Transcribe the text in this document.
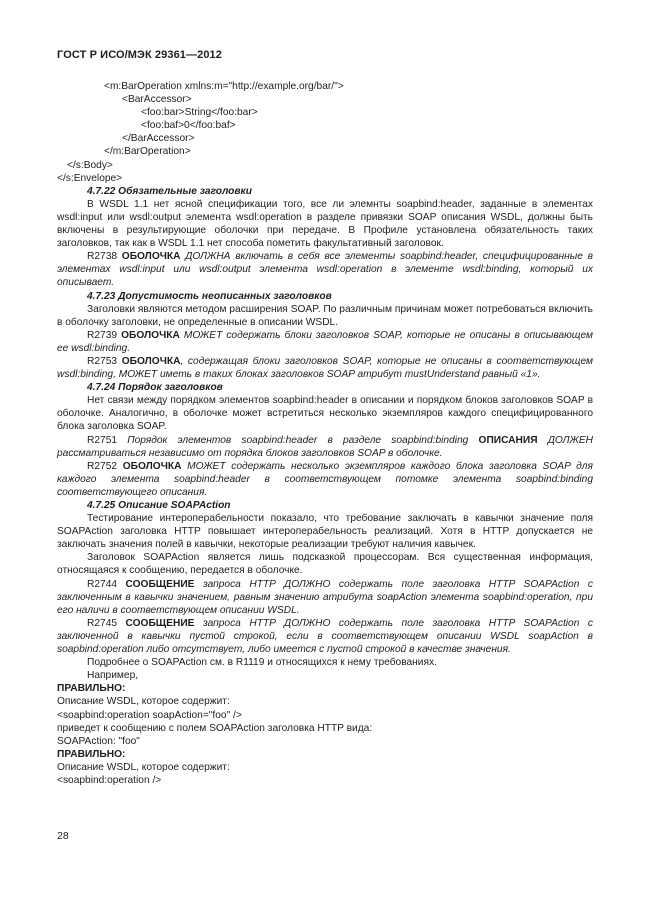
ГОСТ Р ИСО/МЭК 29361—2012

<m:BarOperation xmlns:m="http://example.org/bar/">

<BarAccessor>

<foo:bar>String</foo:bar>

<foo:baf>0</foo:baf>

</BarAccessor>

</m:BarOperation>

</s:Body>

</s:Envelope>

4.7.22 Обязательные заголовки

В WSDL 1.1 нет ясной спецификации того, все ли элемнты soapbind:header, заданные в элементах wsdl:input или wsdl:output элемента wsdl:operation в разделе привязки SOAP описания WSDL, должны быть включены в результирующие оболочки при передаче. В Профиле установлена обязательность таких заголовков, так как в WSDL 1.1 нет способа пометить факультативный заголовок.

R2738 ОБОЛОЧКА ДОЛЖНА включать в себя все элементы soapbind:header, специфицированные в элементах wsdl:input или wsdl:output элемента wsdl:operation в элементе wsdl:binding, который их описывает.

4.7.23 Допустимость неописанных заголовков

Заголовки являются методом расширения SOAP. По различным причинам может потребоваться включить в оболочку заголовки, не определенные в описании WSDL.

R2739 ОБОЛОЧКА МОЖЕТ содержать блоки заголовков SOAP, которые не описаны в описывающем ее wsdl:binding.

R2753 ОБОЛОЧКА, содержащая блоки заголовков SOAP, которые не описаны в соответствующем wsdl:binding, МОЖЕТ иметь в таких блоках заголовков SOAP атрибут mustUnderstand равный «1».

4.7.24 Порядок заголовков

Нет связи между порядком элементов soapbind:header в описании и порядком блоков заголовков SOAP в оболочке. Аналогично, в оболочке может встретиться несколько экземпляров каждого специфицированного блока заголовка SOAP.

R2751 Порядок элементов soapbind:header в разделе soapbind:binding ОПИСАНИЯ ДОЛЖЕН рассматриваться независимо от порядка блоков заголовков SOAP в оболочке.

R2752 ОБОЛОЧКА МОЖЕТ содержать несколько экземпляров каждого блока заголовка SOAP для каждого элемента soapbind:header в соответствующем потомке элемента soapbind:binding соответствующего описания.

4.7.25 Описание SOAPAction

Тестирование интероперабельности показало, что требование заключать в кавычки значение поля SOAPAction заголовка HTTP повышает интероперабельность реализаций. Хотя в HTTP допускается не заключать значения полей в кавычки, некоторые реализации требуют наличия кавычек.

Заголовок SOAPAction является лишь подсказкой процессорам. Вся существенная информация, относящаяся к сообщению, передается в оболочке.

R2744 СООБЩЕНИЕ запроса HTTP ДОЛЖНО содержать поле заголовка HTTP SOAPAction с заключенным в кавычки значением, равным значению атрибута soapAction элемента soapbind:operation, при его наличи в соответствующем описании WSDL.

R2745 СООБЩЕНИЕ запроса HTTP ДОЛЖНО содержать поле заголовка HTTP SOAPAction с заключенной в кавычки пустой строкой, если в соответствующем описании WSDL soapAction в soapbind:operation либо отсутствует, либо имеется с пустой строкой в качестве значения.

Подробнее о SOAPAction см. в R1119 и относящихся к нему требованиях.

Например,

ПРАВИЛЬНО:

Описание WSDL, которое содержит:

<soapbind:operation soapAction="foo" />

приведет к сообщению с полем SOAPAction заголовка HTTP вида:

SOAPAction: "foo"

ПРАВИЛЬНО:

Описание WSDL, которое содержит:

<soapbind:operation />

28
